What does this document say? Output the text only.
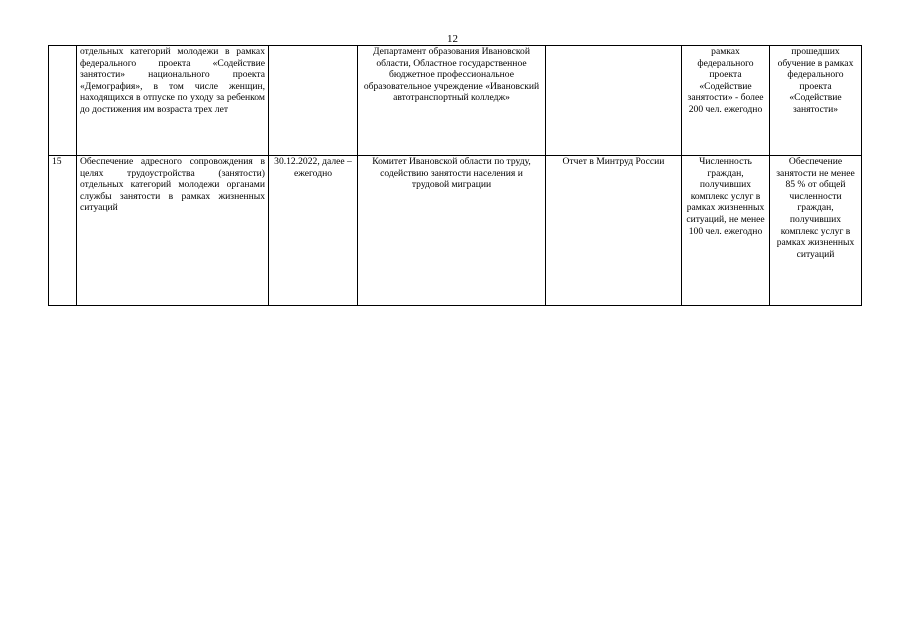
12
	отдельных категорий молодежи в рамках федерального проекта «Содействие занятости» национального проекта «Демография», в том числе женщин, находящихся в отпуске по уходу за ребенком до достижения им возраста трех лет		Департамент образования Ивановской области, Областное государственное бюджетное профессиональное образовательное учреждение «Ивановский автотранспортный колледж»		рамках федерального проекта «Содействие занятости» - более 200 чел. ежегодно	прошедших обучение в рамках федерального проекта «Содействие занятости»
15	Обеспечение адресного сопровождения в целях трудоустройства (занятости) отдельных категорий молодежи органами службы занятости в рамках жизненных ситуаций	30.12.2022, далее – ежегодно	Комитет Ивановской области по труду, содействию занятости населения и трудовой миграции	Отчет в Минтруд России	Численность граждан, получивших комплекс услуг в рамках жизненных ситуаций, не менее 100 чел. ежегодно	Обеспечение занятости не менее 85 % от общей численности граждан, получивших комплекс услуг в рамках жизненных ситуаций
